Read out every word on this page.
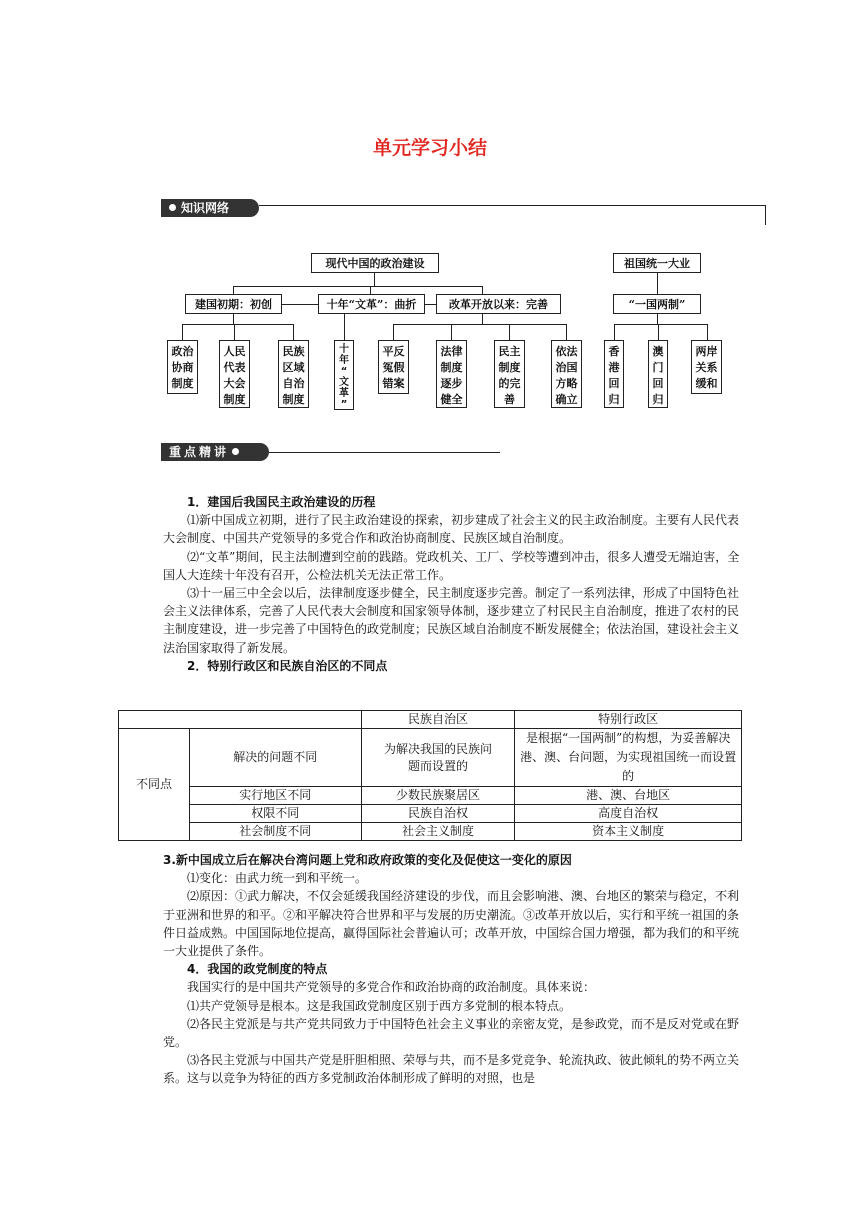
单元学习小结
知识网络
现代中国的政治建设
建国初期：初创	十年“文革”：曲折	改革开放以来：完善
政治
协商
制度
人民
代表
大会
制度
民族
区域
自治
制度
十
年
“
文
革
”
平反
冤假
错案
法律
制度
逐步
健全
民主
制度
的完
善
依法
治国
方略
确立
祖国统一大业
“一国两制”
香
港
回
归
澳
门
回
归
两岸
关系
缓和
重点精讲

1．建国后我国民主政治建设的历程

⑴新中国成立初期，进行了民主政治建设的探索，初步建成了社会主义的民主政治制度。主要有人民代表大会制度、中国共产党领导的多党合作和政治协商制度、民族区域自治制度。

⑵“文革”期间，民主法制遭到空前的践踏。党政机关、工厂、学校等遭到冲击，很多人遭受无端迫害，全国人大连续十年没有召开，公检法机关无法正常工作。

⑶十一届三中全会以后，法律制度逐步健全，民主制度逐步完善。制定了一系列法律，形成了中国特色社会主义法律体系，完善了人民代表大会制度和国家领导体制，逐步建立了村民民主自治制度，推进了农村的民主制度建设，进一步完善了中国特色的政党制度；民族区域自治制度不断发展健全；依法治国，建设社会主义法治国家取得了新发展。

2．特别行政区和民族自治区的不同点

		民族自治区	特别行政区
不同点	解决的问题不同	为解决我国的民族问题而设置的	是根据“一国两制”的构想，为妥善解决港、澳、台问题，为实现祖国统一而设置的
	实行地区不同	少数民族聚居区	港、澳、台地区
	权限不同	民族自治权	高度自治权
	社会制度不同	社会主义制度	资本主义制度

3.新中国成立后在解决台湾问题上党和政府政策的变化及促使这一变化的原因

⑴变化：由武力统一到和平统一。

⑵原因：①武力解决，不仅会延缓我国经济建设的步伐，而且会影响港、澳、台地区的繁荣与稳定，不利于亚洲和世界的和平。②和平解决符合世界和平与发展的历史潮流。③改革开放以后，实行和平统一祖国的条件日益成熟。中国国际地位提高，赢得国际社会普遍认可；改革开放，中国综合国力增强，都为我们的和平统一大业提供了条件。

4．我国的政党制度的特点

我国实行的是中国共产党领导的多党合作和政治协商的政治制度。具体来说：

⑴共产党领导是根本。这是我国政党制度区别于西方多党制的根本特点。

⑵各民主党派是与共产党共同致力于中国特色社会主义事业的亲密友党，是参政党，而不是反对党或在野党。

⑶各民主党派与中国共产党是肝胆相照、荣辱与共，而不是多党竞争、轮流执政、彼此倾轧的势不两立关系。这与以竞争为特征的西方多党制政治体制形成了鲜明的对照，也是
